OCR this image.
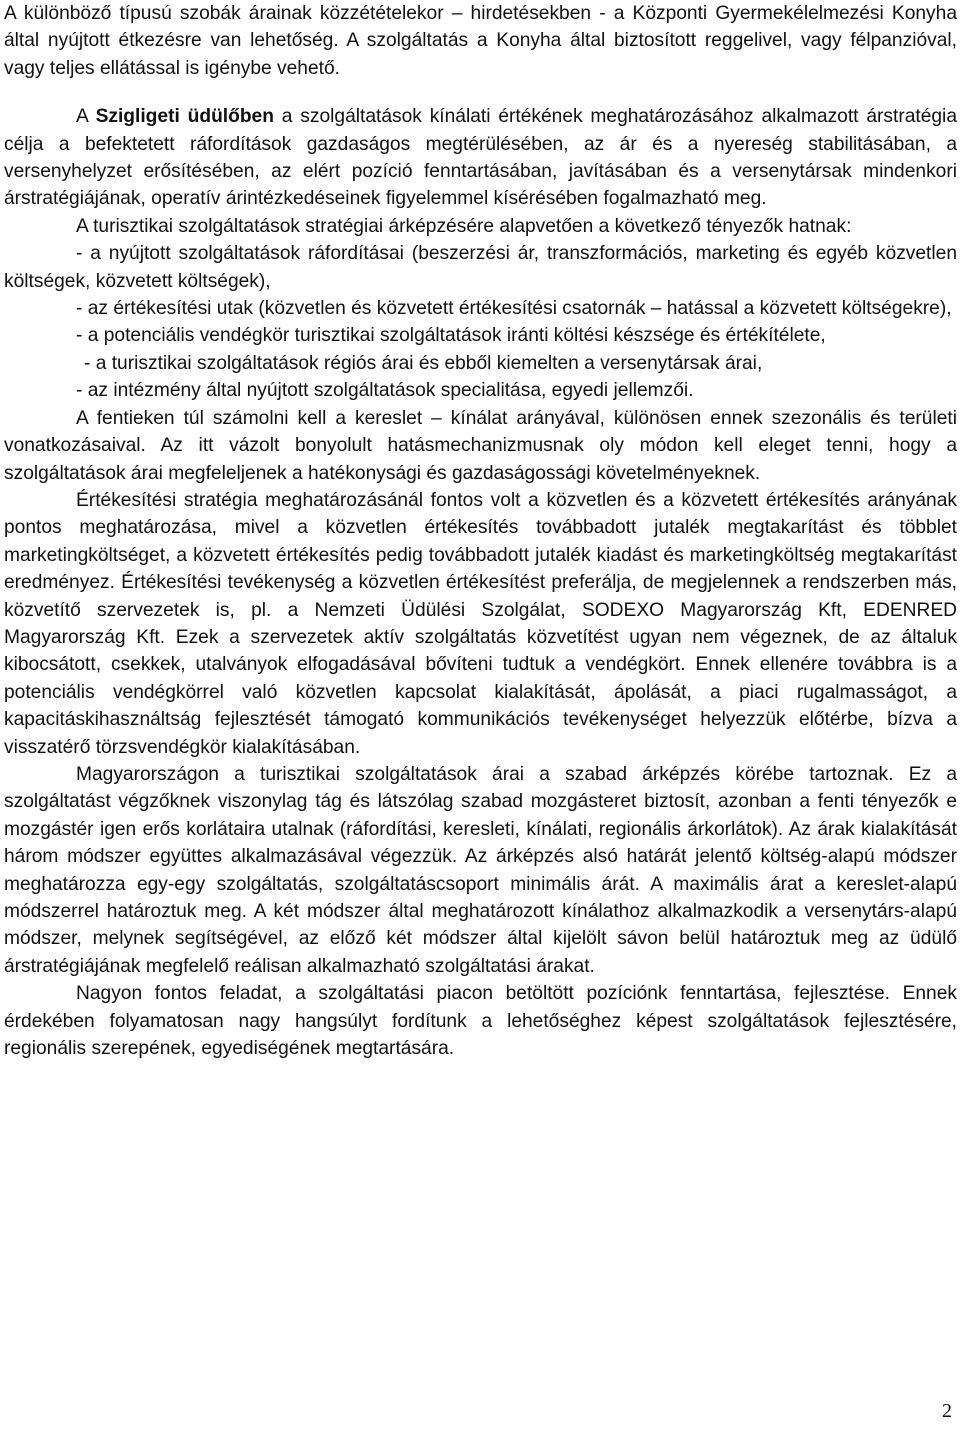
A különböző típusú szobák árainak közzétételekor – hirdetésekben - a Központi Gyermekélelmezési Konyha által nyújtott étkezésre van lehetőség. A szolgáltatás a Konyha által biztosított reggelivel, vagy félpanzióval, vagy teljes ellátással is igénybe vehető.

A Szigligeti üdülőben a szolgáltatások kínálati értékének meghatározásához alkalmazott árstratégia célja a befektetett ráfordítások gazdaságos megtérülésében, az ár és a nyereség stabilitásában, a versenyhelyzet erősítésében, az elért pozíció fenntartásában, javításában és a versenytársak mindenkori árstratégiájának, operatív árintézkedéseinek figyelemmel kísérésében fogalmazható meg.

A turisztikai szolgáltatások stratégiai árképzésére alapvetően a következő tényezők hatnak:

- a nyújtott szolgáltatások ráfordításai (beszerzési ár, transzformációs, marketing és egyéb közvetlen költségek, közvetett költségek),

- az értékesítési utak (közvetlen és közvetett értékesítési csatornák – hatással a közvetett költségekre),

- a potenciális vendégkör turisztikai szolgáltatások iránti költési készsége és értékítélete,

- a turisztikai szolgáltatások régiós árai és ebből kiemelten a versenytársak árai,

- az intézmény által nyújtott szolgáltatások specialitása, egyedi jellemzői.

A fentieken túl számolni kell a kereslet – kínálat arányával, különösen ennek szezonális és területi vonatkozásaival. Az itt vázolt bonyolult hatásmechanizmusnak oly módon kell eleget tenni, hogy a szolgáltatások árai megfeleljenek a hatékonysági és gazdaságossági követelményeknek.

Értékesítési stratégia meghatározásánál fontos volt a közvetlen és a közvetett értékesítés arányának pontos meghatározása, mivel a közvetlen értékesítés továbbadott jutalék megtakarítást és többlet marketingköltséget, a közvetett értékesítés pedig továbbadott jutalék kiadást és marketingköltség megtakarítást eredményez. Értékesítési tevékenység a közvetlen értékesítést preferálja, de megjelennek a rendszerben más, közvetítő szervezetek is, pl. a Nemzeti Üdülési Szolgálat, SODEXO Magyarország Kft, EDENRED Magyarország Kft. Ezek a szervezetek aktív szolgáltatás közvetítést ugyan nem végeznek, de az általuk kibocsátott, csekkek, utalványok elfogadásával bővíteni tudtuk a vendégkört. Ennek ellenére továbbra is a potenciális vendégkörrel való közvetlen kapcsolat kialakítását, ápolását, a piaci rugalmasságot, a kapacitáskihasználtság fejlesztését támogató kommunikációs tevékenységet helyezzük előtérbe, bízva a visszatérő törzsvendégkör kialakításában.

Magyarországon a turisztikai szolgáltatások árai a szabad árképzés körébe tartoznak. Ez a szolgáltatást végzőknek viszonylag tág és látszólag szabad mozgásteret biztosít, azonban a fenti tényezők e mozgástér igen erős korlátaira utalnak (ráfordítási, keresleti, kínálati, regionális árkorlátok). Az árak kialakítását három módszer együttes alkalmazásával végezzük. Az árképzés alsó határát jelentő költség-alapú módszer meghatározza egy-egy szolgáltatás, szolgáltatáscsoport minimális árát. A maximális árat a kereslet-alapú módszerrel határoztuk meg. A két módszer által meghatározott kínálathoz alkalmazkodik a versenytárs-alapú módszer, melynek segítségével, az előző két módszer által kijelölt sávon belül határoztuk meg az üdülő árstratégiájának megfelelő reálisan alkalmazható szolgáltatási árakat.

Nagyon fontos feladat, a szolgáltatási piacon betöltött pozíciónk fenntartása, fejlesztése. Ennek érdekében folyamatosan nagy hangsúlyt fordítunk a lehetőséghez képest szolgáltatások fejlesztésére, regionális szerepének, egyediségének megtartására.

2
